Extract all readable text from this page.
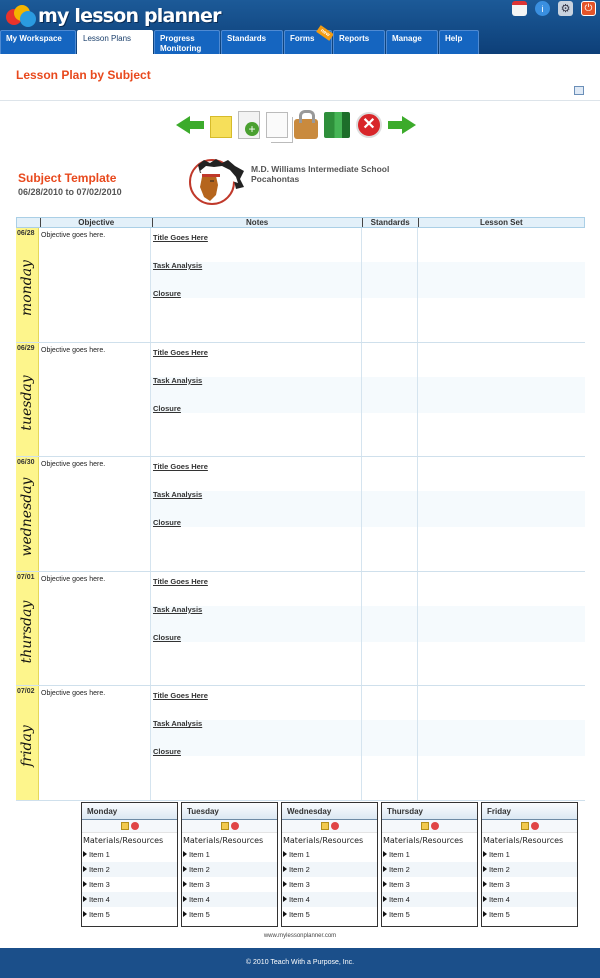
my lesson planner	i	⚙	⏻
My Workspace	Lesson Plans	Progress Monitoring
Standards	Forms
new
Reports	Manage	Help
Lesson Plan by Subject
+
✕
Subject Template
06/28/2010 to 07/02/2010
M.D. Williams Intermediate School
Pocahontas
Objective	Notes	Standards	Lesson Set
06/28
monday
Objective goes here.	Title Goes Here
Task Analysis
Closure
06/29
tuesday
Objective goes here.	Title Goes Here
Task Analysis
Closure
06/30
wednesday
Objective goes here.	Title Goes Here
Task Analysis
Closure
07/01
thursday
Objective goes here.	Title Goes Here
Task Analysis
Closure
07/02
friday
Objective goes here.	Title Goes Here
Task Analysis
Closure
Monday
Materials/Resources
Item 1
Item 2
Item 3
Item 4
Item 5
Tuesday
Materials/Resources
Item 1
Item 2
Item 3
Item 4
Item 5
Wednesday
Materials/Resources
Item 1
Item 2
Item 3
Item 4
Item 5
Thursday
Materials/Resources
Item 1
Item 2
Item 3
Item 4
Item 5
Friday
Materials/Resources
Item 1
Item 2
Item 3
Item 4
Item 5
www.mylessonplanner.com
© 2010 Teach With a Purpose, Inc.
